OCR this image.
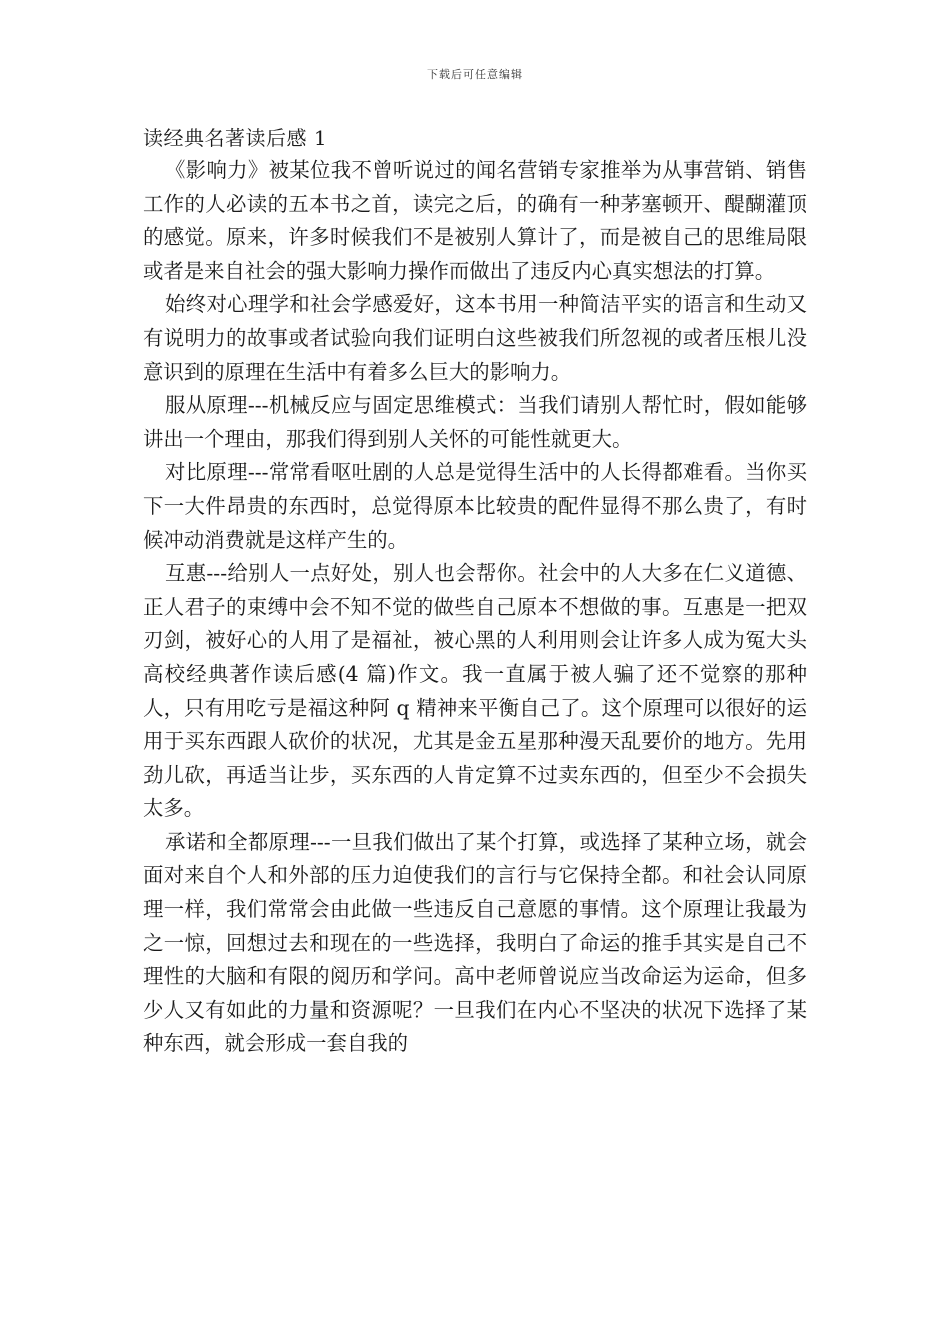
下载后可任意编辑
读经典名著读后感 1

《影响力》被某位我不曾听说过的闻名营销专家推举为从事营销、销售工作的人必读的五本书之首，读完之后，的确有一种茅塞顿开、醍醐灌顶的感觉。原来，许多时候我们不是被别人算计了，而是被自己的思维局限或者是来自社会的强大影响力操作而做出了违反内心真实想法的打算。

始终对心理学和社会学感爱好，这本书用一种简洁平实的语言和生动又有说明力的故事或者试验向我们证明白这些被我们所忽视的或者压根儿没意识到的原理在生活中有着多么巨大的影响力。

服从原理---机械反应与固定思维模式：当我们请别人帮忙时，假如能够讲出一个理由，那我们得到别人关怀的可能性就更大。

对比原理---常常看呕吐剧的人总是觉得生活中的人长得都难看。当你买下一大件昂贵的东西时，总觉得原本比较贵的配件显得不那么贵了，有时候冲动消费就是这样产生的。

互惠---给别人一点好处，别人也会帮你。社会中的人大多在仁义道德、正人君子的束缚中会不知不觉的做些自己原本不想做的事。互惠是一把双刃剑，被好心的人用了是福祉，被心黑的人利用则会让许多人成为冤大头高校经典著作读后感(4 篇)作文。我一直属于被人骗了还不觉察的那种人，只有用吃亏是福这种阿 q 精神来平衡自己了。这个原理可以很好的运用于买东西跟人砍价的状况，尤其是金五星那种漫天乱要价的地方。先用劲儿砍，再适当让步，买东西的人肯定算不过卖东西的，但至少不会损失太多。

承诺和全都原理---一旦我们做出了某个打算，或选择了某种立场，就会面对来自个人和外部的压力迫使我们的言行与它保持全都。和社会认同原理一样，我们常常会由此做一些违反自己意愿的事情。这个原理让我最为之一惊，回想过去和现在的一些选择，我明白了命运的推手其实是自己不理性的大脑和有限的阅历和学问。高中老师曾说应当改命运为运命，但多少人又有如此的力量和资源呢？一旦我们在内心不坚决的状况下选择了某种东西，就会形成一套自我的
